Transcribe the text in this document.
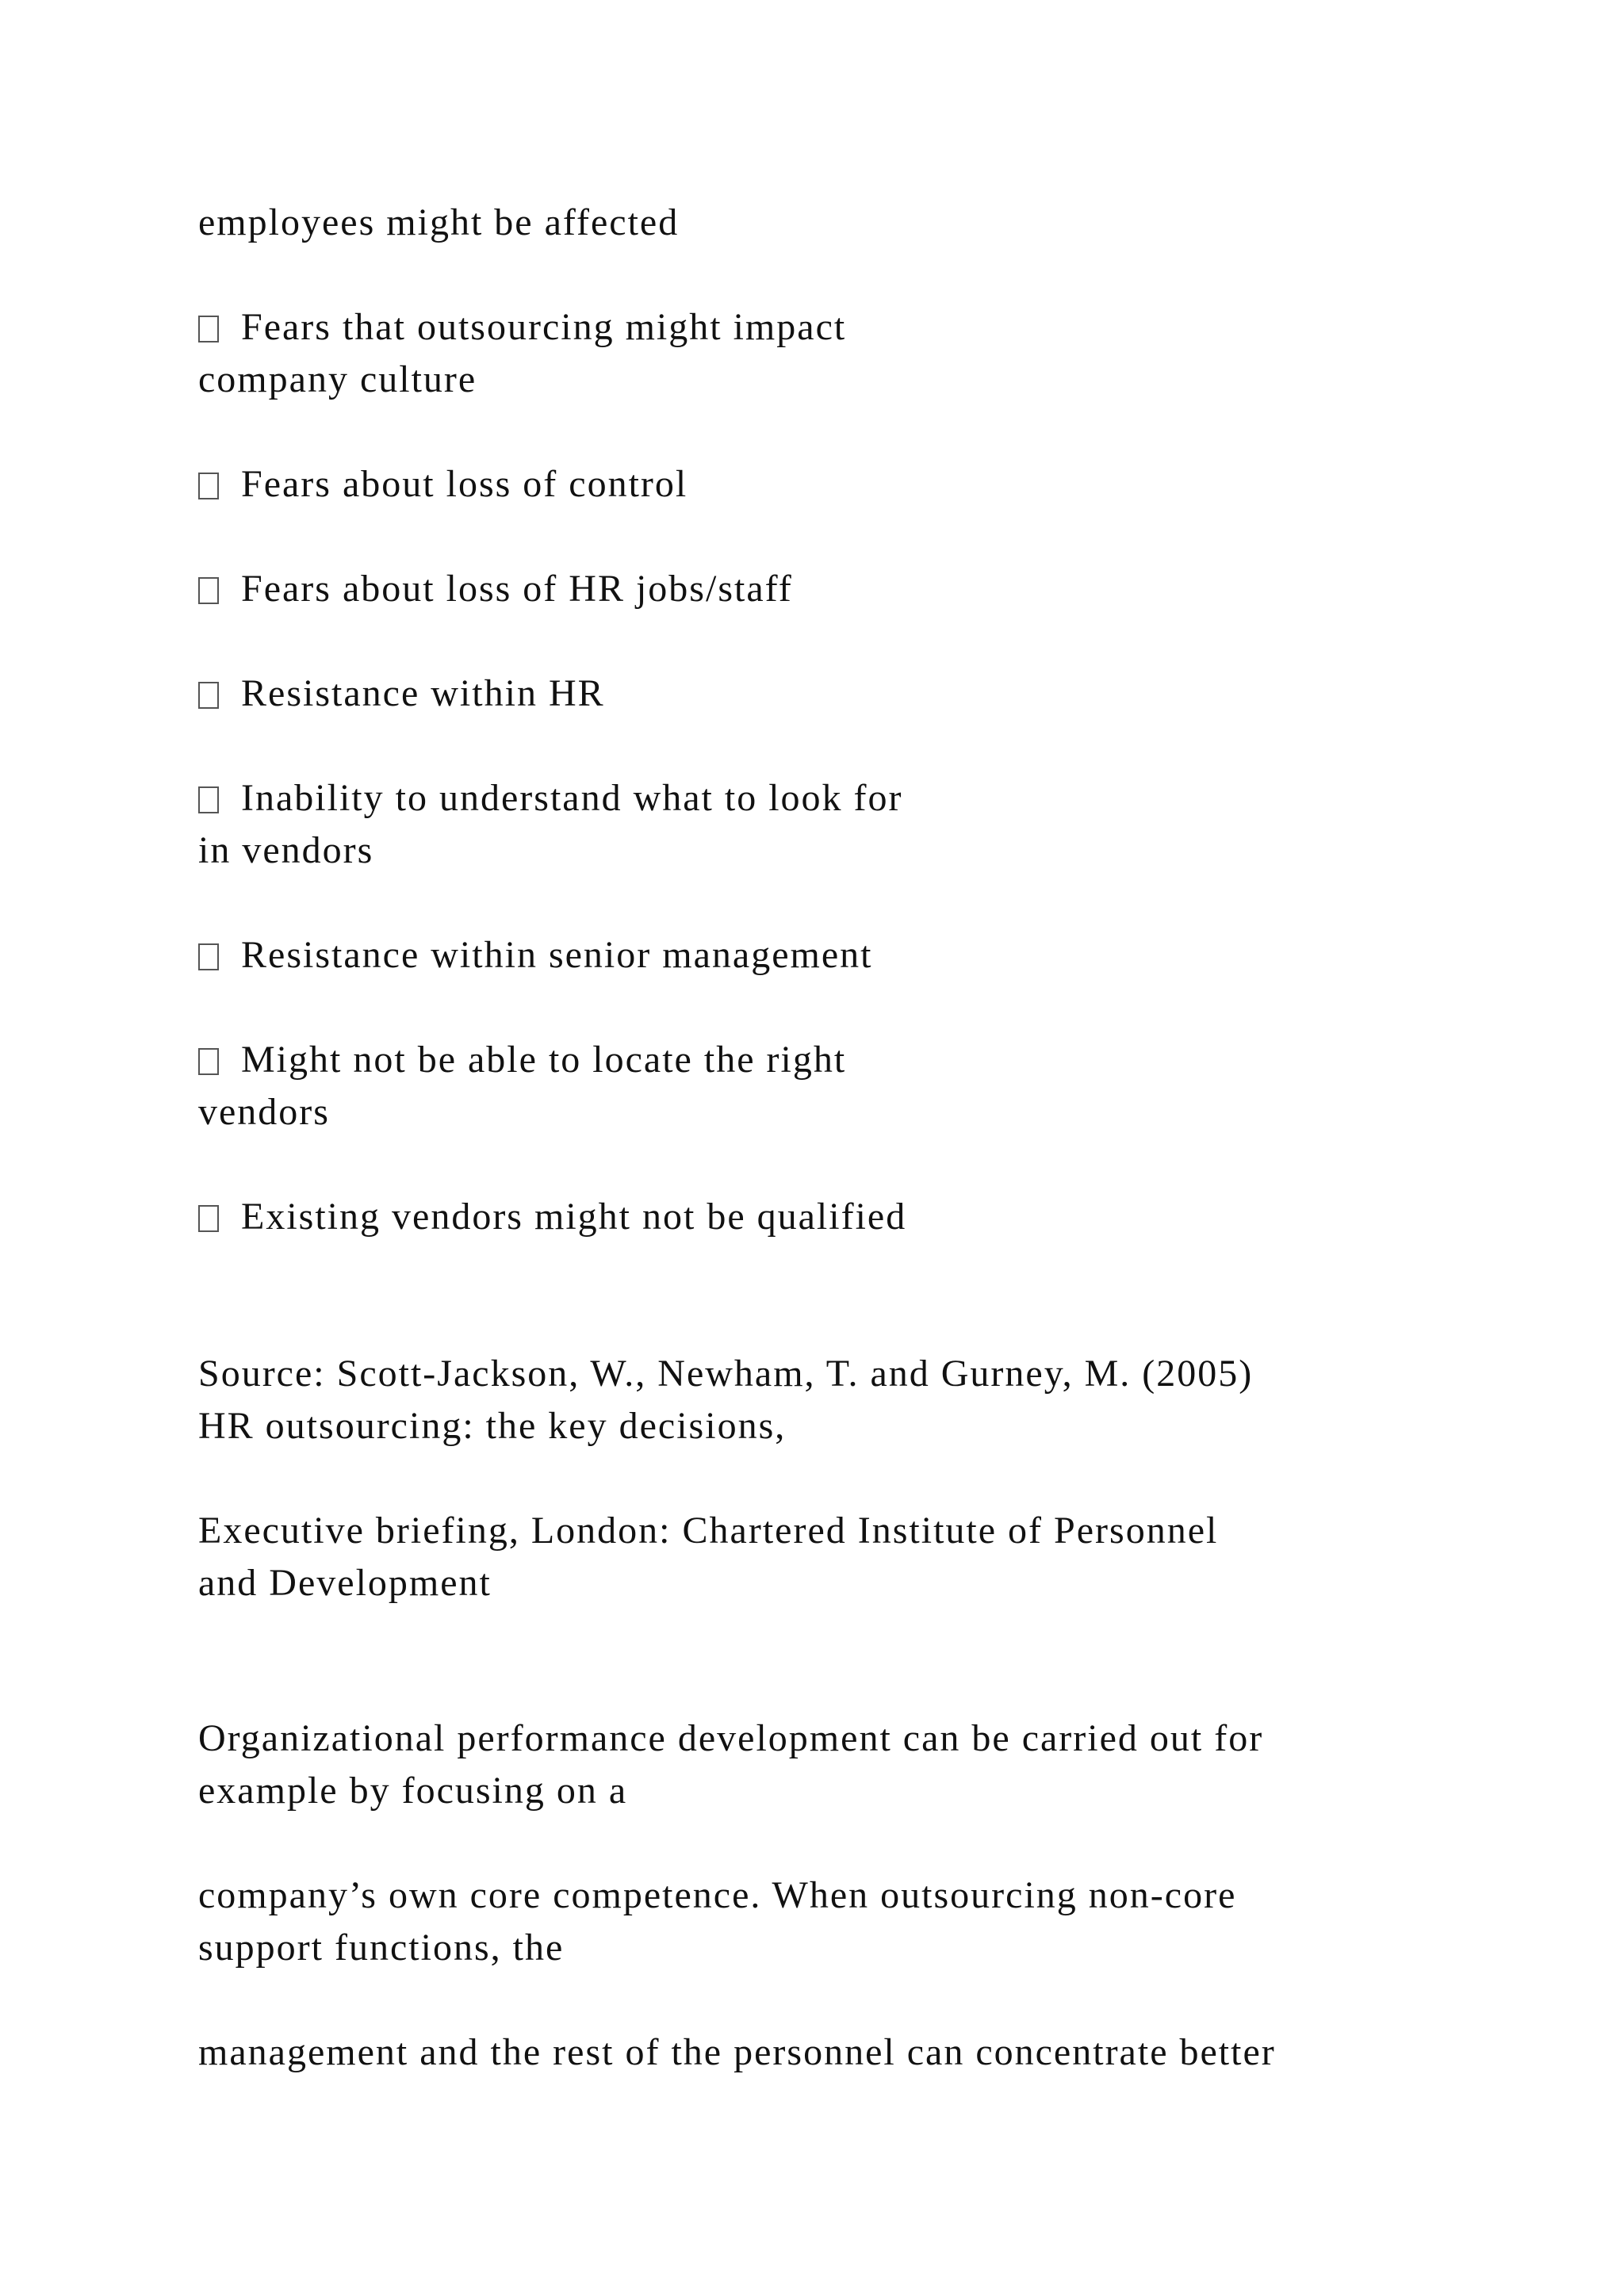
employees might be affected

Fears that outsourcing might impact

company culture

Fears about loss of control

Fears about loss of HR jobs/staff

Resistance within HR

Inability to understand what to look for

in vendors

Resistance within senior management

Might not be able to locate the right

vendors

Existing vendors might not be qualified

Source: Scott-Jackson, W., Newham, T. and Gurney, M. (2005)

HR outsourcing: the key decisions,

Executive briefing, London: Chartered Institute of Personnel

and Development

Organizational performance development can be carried out for

example by focusing on a

company’s own core competence. When outsourcing non-core

support functions, the

management and the rest of the personnel can concentrate better
